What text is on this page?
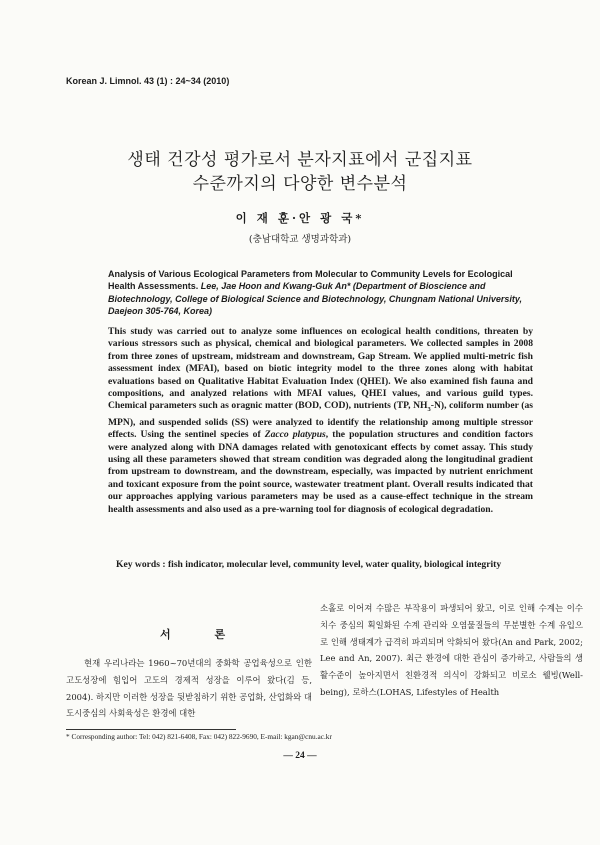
Korean J. Limnol. 43 (1) : 24~34 (2010)
생태 건강성 평가로서 분자지표에서 군집지표
수준까지의 다양한 변수분석
이 재 훈·안 광 국*
(충남대학교 생명과학과)
Analysis of Various Ecological Parameters from Molecular to Community Levels for Ecological Health Assessments. Lee, Jae Hoon and Kwang-Guk An* (Department of Bioscience and Biotechnology, College of Biological Science and Biotechnology, Chungnam National University, Daejeon 305-764, Korea)
This study was carried out to analyze some influences on ecological health conditions, threaten by various stressors such as physical, chemical and biological parameters. We collected samples in 2008 from three zones of upstream, midstream and downstream, Gap Stream. We applied multi-metric fish assessment index (MFAI), based on biotic integrity model to the three zones along with habitat evaluations based on Qualitative Habitat Evaluation Index (QHEI). We also examined fish fauna and compositions, and analyzed relations with MFAI values, QHEI values, and various guild types. Chemical parameters such as oragnic matter (BOD, COD), nutrients (TP, $NH_3-N$), coliform number (as MPN), and suspended solids (SS) were analyzed to identify the relationship among multiple stressor effects. Using the sentinel species of Zacco platypus, the population structures and condition factors were analyzed along with DNA damages related with genotoxicant effects by comet assay. This study using all these parameters showed that stream condition was degraded along the longitudinal gradient from upstream to downstream, and the downstream, especially, was impacted by nutrient enrichment and toxicant exposure from the point source, wastewater treatment plant. Overall results indicated that our approaches applying various parameters may be used as a cause-effect technique in the stream health assessments and also used as a pre-warning tool for diagnosis of ecological degradation.
Key words : fish indicator, molecular level, community level, water quality, biological integrity
서 론
현재 우리나라는 1960~70년대의 중화학 공업육성으로 인한 고도성장에 힘입어 고도의 경제적 성장을 이루어 왔다(김 등, 2004). 하지만 이러한 성장을 뒷받침하기 위한 공업화, 산업화와 대도시중심의 사회육성은 환경에 대한
소홀로 이어져 수많은 부작용이 파생되어 왔고, 이로 인해 수계는 이수 치수 중심의 획일화된 수계 관리와 오염물질들의 무분별한 수계 유입으로 인해 생태계가 급격히 파괴되며 악화되어 왔다(An and Park, 2002; Lee and An, 2007). 최근 환경에 대한 관심이 증가하고, 사람들의 생활수준이 높아지면서 친환경적 의식이 강화되고 비로소 웰빙(Well-being), 로하스(LOHAS, Lifestyles of Health
* Corresponding author: Tel: 042) 821-6408, Fax: 042) 822-9690, E-mail: kgan@cnu.ac.kr
— 24 —
